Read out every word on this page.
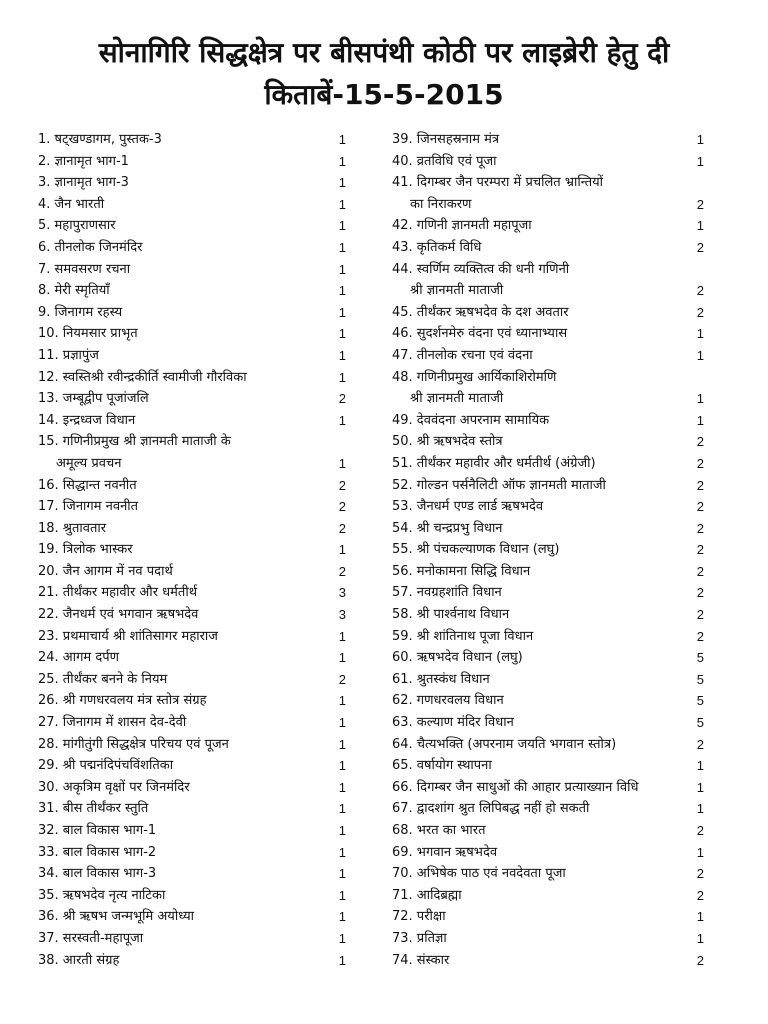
सोनागिरि सिद्धक्षेत्र पर बीसपंथी कोठी पर लाइब्रेरी हेतु दी
किताबें-15-5-2015
1. षट्खण्डागम, पुस्तक-3	1
2. ज्ञानामृत भाग-1	1
3. ज्ञानामृत भाग-3	1
4. जैन भारती	1
5. महापुराणसार	1
6. तीनलोक जिनमंदिर	1
7. समवसरण रचना	1
8. मेरी स्मृतियाँ	1
9. जिनागम रहस्य	1
10. नियमसार प्राभृत	1
11. प्रज्ञापुंज	1
12. स्वस्तिश्री रवीन्द्रकीर्ति स्वामीजी गौरविका	1
13. जम्बूद्वीप पूजांजलि	2
14. इन्द्रध्वज विधान	1
15. गणिनीप्रमुख श्री ज्ञानमती माताजी के
अमूल्य प्रवचन	1
16. सिद्धान्त नवनीत	2
17. जिनागम नवनीत	2
18. श्रुतावतार	2
19. त्रिलोक भास्कर	1
20. जैन आगम में नव पदार्थ	2
21. तीर्थंकर महावीर और धर्मतीर्थ	3
22. जैनधर्म एवं भगवान ऋषभदेव	3
23. प्रथमाचार्य श्री शांतिसागर महाराज	1
24. आगम दर्पण	1
25. तीर्थंकर बनने के नियम	2
26. श्री गणधरवलय मंत्र स्तोत्र संग्रह	1
27. जिनागम में शासन देव-देवी	1
28. मांगीतुंगी सिद्धक्षेत्र परिचय एवं पूजन	1
29. श्री पद्मनंदिपंचविंशतिका	1
30. अकृत्रिम वृक्षों पर जिनमंदिर	1
31. बीस तीर्थंकर स्तुति	1
32. बाल विकास भाग-1	1
33. बाल विकास भाग-2	1
34. बाल विकास भाग-3	1
35. ऋषभदेव नृत्य नाटिका	1
36. श्री ऋषभ जन्मभूमि अयोध्या	1
37. सरस्वती-महापूजा	1
38. आरती संग्रह	1
39. जिनसहस्रनाम मंत्र	1
40. व्रतविधि एवं पूजा	1
41. दिगम्बर जैन परम्परा में प्रचलित भ्रान्तियों
का निराकरण	2
42. गणिनी ज्ञानमती महापूजा	1
43. कृतिकर्म विधि	2
44. स्वर्णिम व्यक्तित्व की धनी गणिनी
श्री ज्ञानमती माताजी	2
45. तीर्थंकर ऋषभदेव के दश अवतार	2
46. सुदर्शनमेरु वंदना एवं ध्यानाभ्यास	1
47. तीनलोक रचना एवं वंदना	1
48. गणिनीप्रमुख आर्यिकाशिरोमणि
श्री ज्ञानमती माताजी	1
49. देववंदना अपरनाम सामायिक	1
50. श्री ऋषभदेव स्तोत्र	2
51. तीर्थंकर महावीर और धर्मतीर्थ (अंग्रेजी)	2
52. गोल्डन पर्सनैलिटी ऑफ ज्ञानमती माताजी	2
53. जैनधर्म एण्ड लार्ड ऋषभदेव	2
54. श्री चन्द्रप्रभु विधान	2
55. श्री पंचकल्याणक विधान (लघु)	2
56. मनोकामना सिद्धि विधान	2
57. नवग्रहशांति विधान	2
58. श्री पार्श्वनाथ विधान	2
59. श्री शांतिनाथ पूजा विधान	2
60. ऋषभदेव विधान (लघु)	5
61. श्रुतस्कंध विधान	5
62. गणधरवलय विधान	5
63. कल्याण मंदिर विधान	5
64. चैत्यभक्ति (अपरनाम जयति भगवान स्तोत्र)	2
65. वर्षायोग स्थापना	1
66. दिगम्बर जैन साधुओं की आहार प्रत्याख्यान विधि	1
67. द्वादशांग श्रुत लिपिबद्ध नहीं हो सकती	1
68. भरत का भारत	2
69. भगवान ऋषभदेव	1
70. अभिषेक पाठ एवं नवदेवता पूजा	2
71. आदिब्रह्मा	2
72. परीक्षा	1
73. प्रतिज्ञा	1
74. संस्कार	2
